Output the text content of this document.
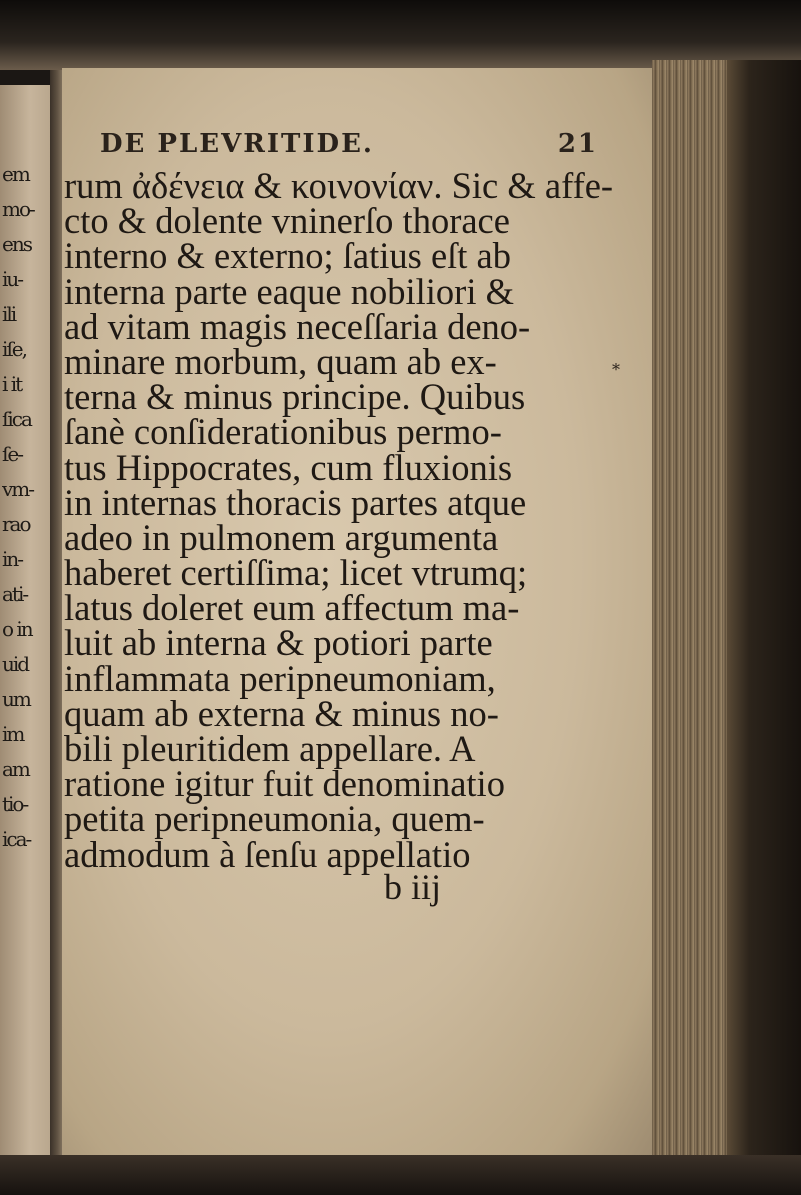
em
mo-
ens
iu-
ili
iſe,
i it
ſica
ſe-
vm-
rao
in-
ati-
o in
uid
um
im
am
tio-
ica-
DE PLEVRITIDE.	21
*
rum ἀδένεια & κοινονίαν. Sic & affe-
cto & dolente vninerſo thorace
interno & externo; ſatius eſt ab
interna parte eaque nobiliori &
ad vitam magis neceſſaria deno-
minare morbum, quam ab ex-
terna & minus principe. Quibus
ſanè conſiderationibus permo-
tus Hippocrates, cum fluxionis
in internas thoracis partes atque
adeo in pulmonem argumenta
haberet certiſſima; licet vtrumq;
latus doleret eum affectum ma-
luit ab interna & potiori parte
inflammata peripneumoniam,
quam ab externa & minus no-
bili pleuritidem appellare. A
ratione igitur fuit denominatio
petita peripneumonia, quem-
admodum à ſenſu appellatio
b iij
